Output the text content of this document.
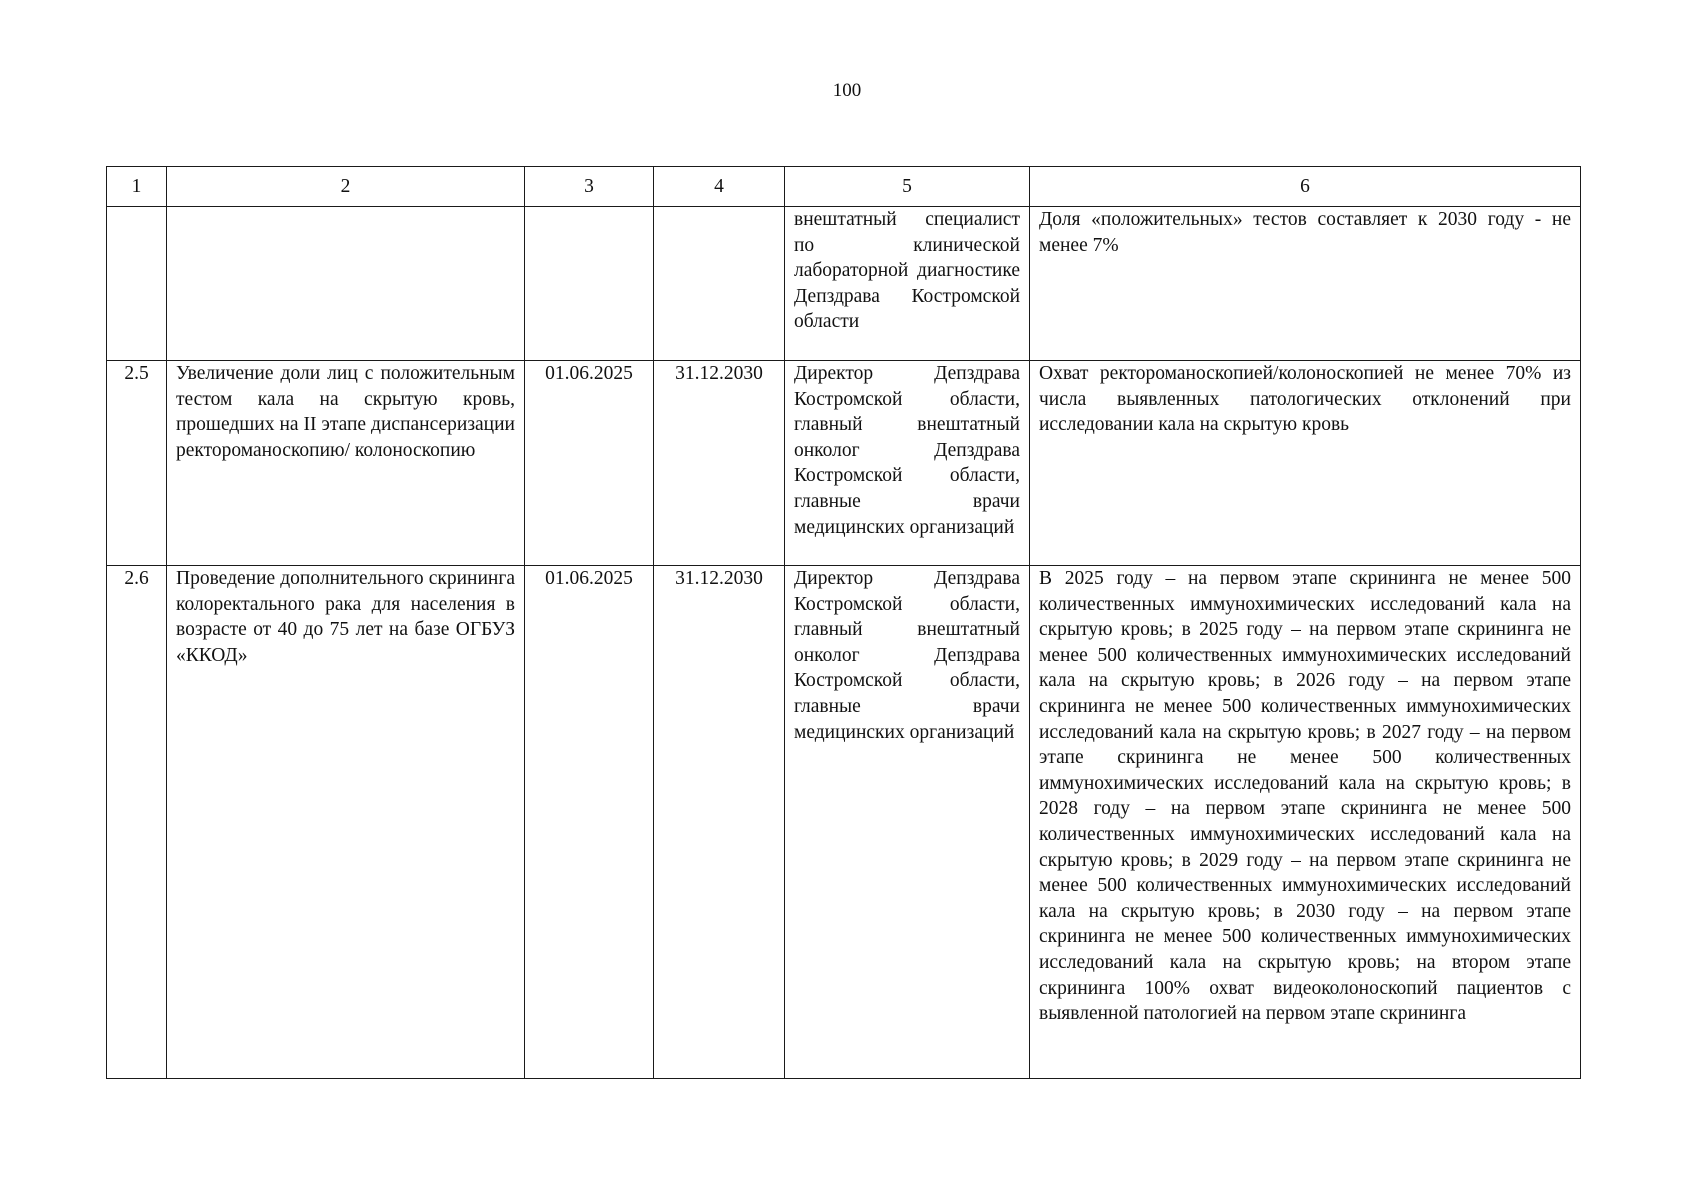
100
1	2	3	4	5	6

				внештатный специалист по клинической лабораторной диагностике Депздрава Костромской области	Доля «положительных» тестов составляет к 2030 году - не менее 7%

2.5	Увеличение доли лиц с положительным тестом кала на скрытую кровь, прошедших на II этапе диспансеризации ректороманоскопию/ колоноскопию	01.06.2025	31.12.2030	Директор Депздрава Костромской области, главный внештатный онколог Депздрава Костромской области, главные врачи медицинских организаций	Охват ректороманоскопией/колоноскопией не менее 70% из числа выявленных патологических отклонений при исследовании кала на скрытую кровь

2.6	Проведение дополнительного скрининга колоректального рака для населения в возрасте от 40 до 75 лет на базе ОГБУЗ «ККОД»	01.06.2025	31.12.2030	Директор Депздрава Костромской области, главный внештатный онколог Депздрава Костромской области, главные врачи медицинских организаций	В 2025 году – на первом этапе скрининга не менее 500 количественных иммунохимических исследований кала на скрытую кровь; в 2025 году – на первом этапе скрининга не менее 500 количественных иммунохимических исследований кала на скрытую кровь; в 2026 году – на первом этапе скрининга не менее 500 количественных иммунохимических исследований кала на скрытую кровь; в 2027 году – на первом этапе скрининга не менее 500 количественных иммунохимических исследований кала на скрытую кровь; в 2028 году – на первом этапе скрининга не менее 500 количественных иммунохимических исследований кала на скрытую кровь; в 2029 году – на первом этапе скрининга не менее 500 количественных иммунохимических исследований кала на скрытую кровь; в 2030 году – на первом этапе скрининга не менее 500 количественных иммунохимических исследований кала на скрытую кровь; на втором этапе скрининга 100% охват видеоколоноскопий пациентов с выявленной патологией на первом этапе скрининга
